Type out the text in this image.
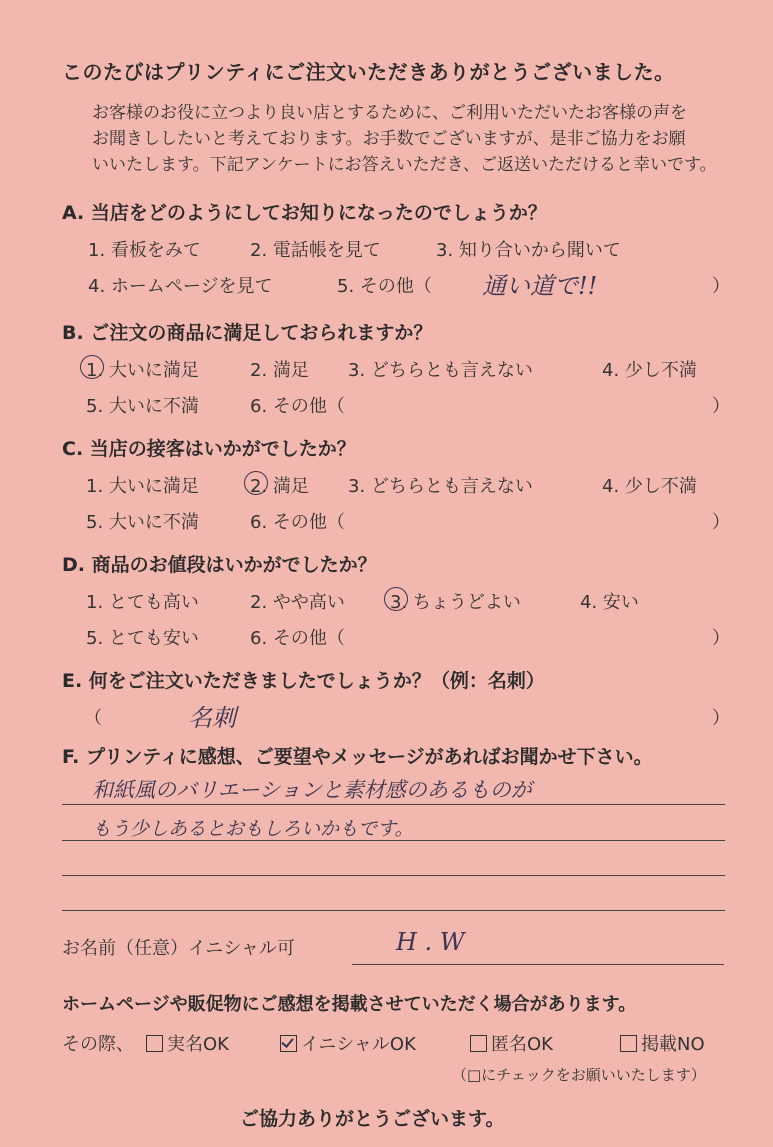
このたびはプリンティにご注文いただきありがとうございました。
お客様のお役に立つより良い店とするために、ご利用いただいたお客様の声を
お聞きししたいと考えております。お手数でございますが、是非ご協力をお願
いいたします。下記アンケートにお答えいただき、ご返送いただけると幸いです。
A. 当店をどのようにしてお知りになったのでしょうか？
1. 看板をみて	2. 電話帳を見て	3. 知り合いから聞いて
4. ホームページを見て	5. その他（ 通い道で!!	）
B. ご注文の商品に満足しておられますか？
1. 大いに満足	2. 満足 3. どちらとも言えない	4. 少し不満
5. 大いに不満	6. その他（	）
C. 当店の接客はいかがでしたか？
1. 大いに満足	2. 満足 3. どちらとも言えない	4. 少し不満
5. 大いに不満	6. その他（	）
D. 商品のお値段はいかがでしたか？
1. とても高い	2. やや高い	3. ちょうどよい	4. 安い
5. とても安い	6. その他（	）
E. 何をご注文いただきましたでしょうか？（例：名刺）
（	名刺	）
F. プリンティに感想、ご要望やメッセージがあればお聞かせ下さい。
和紙風のバリエーションと素材感のあるものが
もう少しあるとおもしろいかもです。
お名前（任意）イニシャル可	H . W
ホームページや販促物にご感想を掲載させていただく場合があります。
その際、	実名OK	イニシャルOK	匿名OK	掲載NO
（□にチェックをお願いいたします）
ご協力ありがとうございます。
